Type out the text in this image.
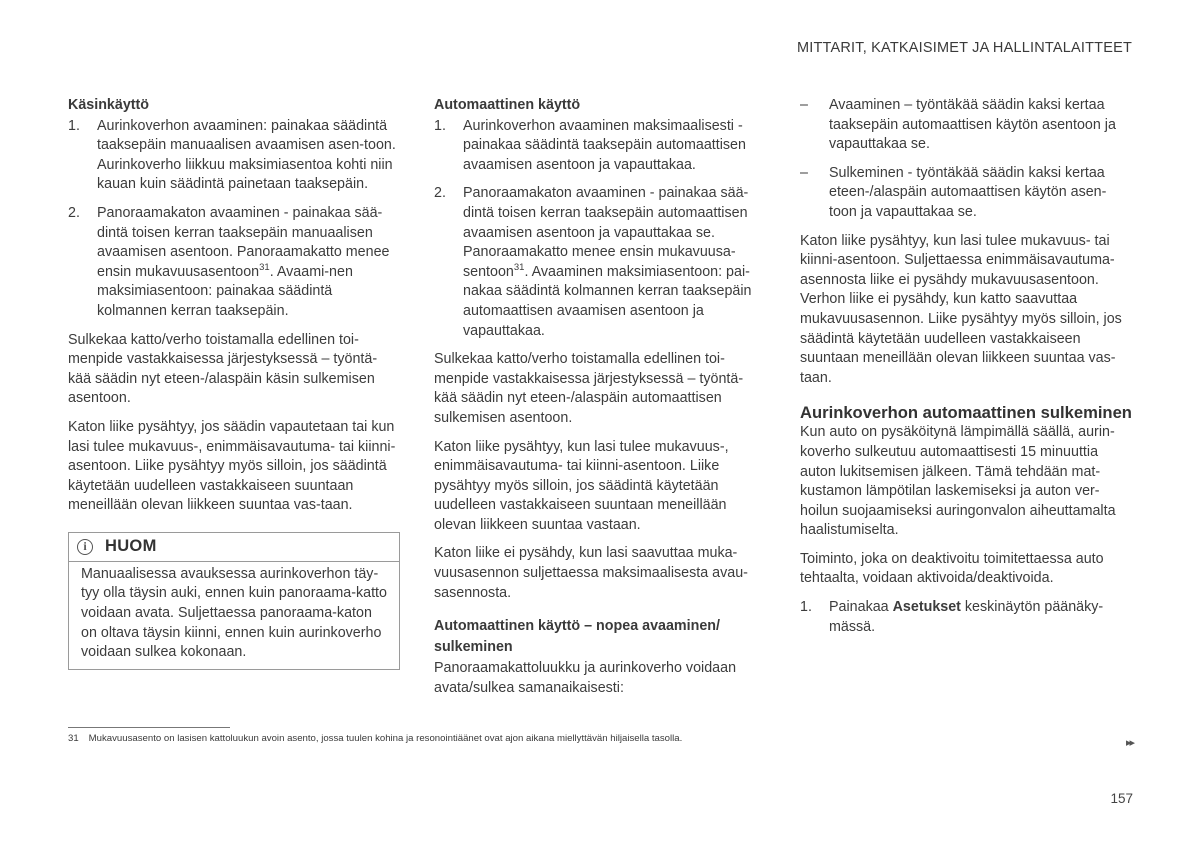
MITTARIT, KATKAISIMET JA HALLINTALAITTEET
Käsinkäyttö
1. Aurinkoverhon avaaminen: painakaa säädintä taaksepäin manuaalisen avaamisen asen-toon. Aurinkoverho liikkuu maksimiasentoa kohti niin kauan kuin säädintä painetaan taaksepäin.
2. Panoraamakaton avaaminen - painakaa sää-dintä toisen kerran taaksepäin manuaalisen avaamisen asentoon. Panoraamakatto menee ensin mukavuusasentoon$^{31}$. Avaami-nen maksimiasentoon: painakaa säädintä kolmannen kerran taaksepäin.

Sulkekaa katto/verho toistamalla edellinen toi-menpide vastakkaisessa järjestyksessä – työntä-kää säädin nyt eteen-/alaspäin käsin sulkemisen asentoon.

Katon liike pysähtyy, jos säädin vapautetaan tai kun lasi tulee mukavuus-, enimmäisavautuma- tai kiinni-asentoon. Liike pysähtyy myös silloin, jos säädintä käytetään uudelleen vastakkaiseen suuntaan meneillään olevan liikkeen suuntaa vas-taan.

i	HUOM

Manuaalisessa avauksessa aurinkoverhon täy-tyy olla täysin auki, ennen kuin panoraama-katto voidaan avata. Suljettaessa panoraama-katon on oltava täysin kiinni, ennen kuin aurinkoverho voidaan sulkea kokonaan.

Automaattinen käyttö
1. Aurinkoverhon avaaminen maksimaalisesti - painakaa säädintä taaksepäin automaattisen avaamisen asentoon ja vapauttakaa.
2. Panoraamakaton avaaminen - painakaa sää-dintä toisen kerran taaksepäin automaattisen avaamisen asentoon ja vapauttakaa se. Panoraamakatto menee ensin mukavuusa-sentoon$^{31}$. Avaaminen maksimiasentoon: pai-nakaa säädintä kolmannen kerran taaksepäin automaattisen avaamisen asentoon ja vapauttakaa.

Sulkekaa katto/verho toistamalla edellinen toi-menpide vastakkaisessa järjestyksessä – työntä-kää säädin nyt eteen-/alaspäin automaattisen sulkemisen asentoon.

Katon liike pysähtyy, kun lasi tulee mukavuus-, enimmäisavautuma- tai kiinni-asentoon. Liike pysähtyy myös silloin, jos säädintä käytetään uudelleen vastakkaiseen suuntaan meneillään olevan liikkeen suuntaa vastaan.

Katon liike ei pysähdy, kun lasi saavuttaa muka-vuusasennon suljettaessa maksimaalisesta avau-sasennosta.

Automaattinen käyttö – nopea avaaminen/ sulkeminen

Panoraamakattoluukku ja aurinkoverho voidaan avata/sulkea samanaikaisesti:

– Avaaminen – työntäkää säädin kaksi kertaa taaksepäin automaattisen käytön asentoon ja vapauttakaa se.
– Sulkeminen - työntäkää säädin kaksi kertaa eteen-/alaspäin automaattisen käytön asen-toon ja vapauttakaa se.

Katon liike pysähtyy, kun lasi tulee mukavuus- tai kiinni-asentoon. Suljettaessa enimmäisavautuma-asennosta liike ei pysähdy mukavuusasentoon. Verhon liike ei pysähdy, kun katto saavuttaa mukavuusasennon. Liike pysähtyy myös silloin, jos säädintä käytetään uudelleen vastakkaiseen suuntaan meneillään olevan liikkeen suuntaa vas-taan.

Aurinkoverhon automaattinen sulkeminen

Kun auto on pysäköitynä lämpimällä säällä, aurin-koverho sulkeutuu automaattisesti 15 minuuttia auton lukitsemisen jälkeen. Tämä tehdään mat-kustamon lämpötilan laskemiseksi ja auton ver-hoilun suojaamiseksi auringonvalon aiheuttamalta haalistumiselta.

Toiminto, joka on deaktivoitu toimitettaessa auto tehtaalta, voidaan aktivoida/deaktivoida.

1. Painakaa Asetukset keskinäytön päänäky-mässä.
31 Mukavuusasento on lasisen kattoluukun avoin asento, jossa tuulen kohina ja resonointiäänet ovat ajon aikana miellyttävän hiljaisella tasolla.	▸▸
157
